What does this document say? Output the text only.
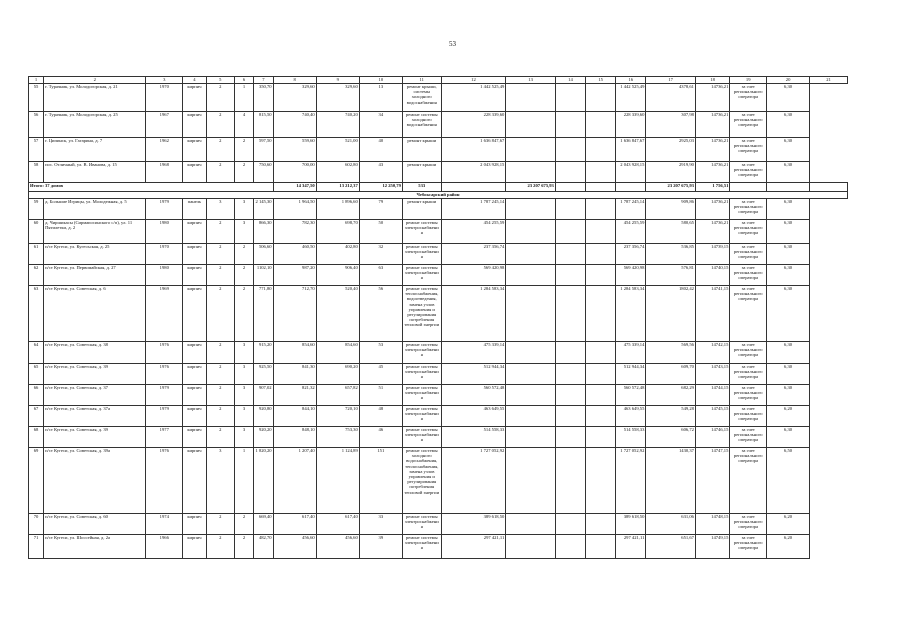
53
1	2	3	4	5	6	7	8	9	10	11	12	13	14	15	16	17	18	19	20	21
55	г. Турачник, ул. Молодогорская, д. 21	1970	кирпич	2	1	350,70	329,60	329,60	13	ремонт крыши, системы холодного водоснабжения	1 442 525,49				1 442 525,49	4378,61	14736,21	за счет регионального оператора	6,30	
56	г. Турачник, ул. Молодогорская, д. 25	1967	кирпич	2	4	815,50	740,40	740,20	34	ремонт системы холодного водоснабжения	228 339,60				228 339,60	307,98	14736,21	за счет регионального оператора	6,30	
57	г. Ципинск, ул. Гагарина, д. 7	1962	кирпич	2	2	597,50	559,60	521,00	40	ремонт крыши	1 636 847,67				1 636 847,67	2925,03	14736,21	за счет регионального оператора	6,30	
58	пос. Отличный, ул. В. Иванова, д. 15	1968	кирпич	2	2	750,60	700,00	602,80	43	ремонт крыши	2 043 928,15				2 043 928,15	2919,90	14736,21	за счет регионального оператора	6,30	
Итого: 37 домов							14 347,50	13 212,37	12 250,79	533		23 207 675,93				23 207 675,93	1 756,51			
Чебоксарский район																				
59	д. Большие Игрицы, ул. Молодежная, д. 5	1979	панель	3	3	2 145,30	1 964,50	1 896,60	79	ремонт крыши	1 787 245,14				1 787 245,14	909,86	14736,21	за счет регионального оператора	6,30	
60	д. Чиршикасы (Сирмапосинского с/п), ул. 11 Пятилетки, д. 2	1980	кирпич	2	3	866,30	782,30	698,70	50	ремонт системы электроснабжения	454 255,59				454 255,59	580,65	14736,21	за счет регионального оператора	6,30	
61	п/ст Кугеси, ул. Кугесьская, д. 25	1970	кирпич	2	2	506,60	460,50	402,80	32	ремонт системы электроснабжения	237 356,74				237 356,74	536,85	14739,15	за счет регионального оператора	6,30	
62	п/ст Кугеси, ул. Первомайская, д. 27	1980	кирпич	2	2	1102,10	987,20	906,40	63	ремонт системы электроснабжения	569 420,98				569 420,98	576,81	14740,15	за счет регионального оператора	6,30	
63	п/ст Кугеси, ул. Советская, д. 6	1969	кирпич	2	2	771,80	712,70	520,40	56	ремонт системы теплоснабжения, водоотведения, замена узлов управления и регулирования потребления тепловой энергии	1 284 583,34				1 284 583,34	1802,42	14741,15	за счет регионального оператора	6,30	
64	п/ст Кугеси, ул. Советская, д. 38	1976	кирпич	2	3	915,20	854,60	854,60	53	ремонт системы электроснабжения	475 339,14				475 339,14	569,56	14742,15	за счет регионального оператора	6,30	
65	п/ст Кугеси, ул. Советская, д. 39	1976	кирпич	2	3	925,50	841,30	690,20	45	ремонт системы электроснабжения	512 944,34				512 944,34	609,70	14743,15	за счет регионального оператора	6,30	
66	п/ст Кугеси, ул. Советская, д. 37	1979	кирпич	2	3	907,02	821,32	657,82	51	ремонт системы электроснабжения	560 572,48				560 572,48	682,29	14744,15	за счет регионального оператора	6,30	
67	п/ст Кугеси, ул. Советская, д. 37а	1979	кирпич	2	3	920,80	844,10	720,10	48	ремонт системы электроснабжения	463 649,55				463 649,55	549,28	14745,15	за счет регионального оператора	6,20	
68	п/ст Кугеси, ул. Советская, д. 39	1977	кирпич	2	3	920,20	848,10	753,30	46	ремонт системы электроснабжения	514 558,33				514 558,33	606,72	14746,15	за счет регионального оператора	6,30	
69	п/ст Кугеси, ул. Советская, д. 39а	1976	кирпич	3	1	1 820,20	1 207,40	1 124,89	151	ремонт системы холодного водоснабжения, теплоснабжения, замена узлов управления и регулирования потребления тепловой энергии	1 727 052,92				1 727 052,92	1430,37	14747,15	за счет регионального оператора	6,50	
70	п/ст Кугеси, ул. Советская, д. 60	1974	кирпич	2	2	669,40	617,40	617,40	33	ремонт системы электроснабжения	389 618,50				389 618,50	631,06	14748,15	за счет регионального оператора	6,20	
71	п/ст Кугеси, ул. Шоссейная, д. 2а	1966	кирпич	2	2	482,70	456,60	456,60	39	ремонт системы электроснабжения	297 421,11				297 421,11	651,67	14749,15	за счет регионального оператора	6,20	
